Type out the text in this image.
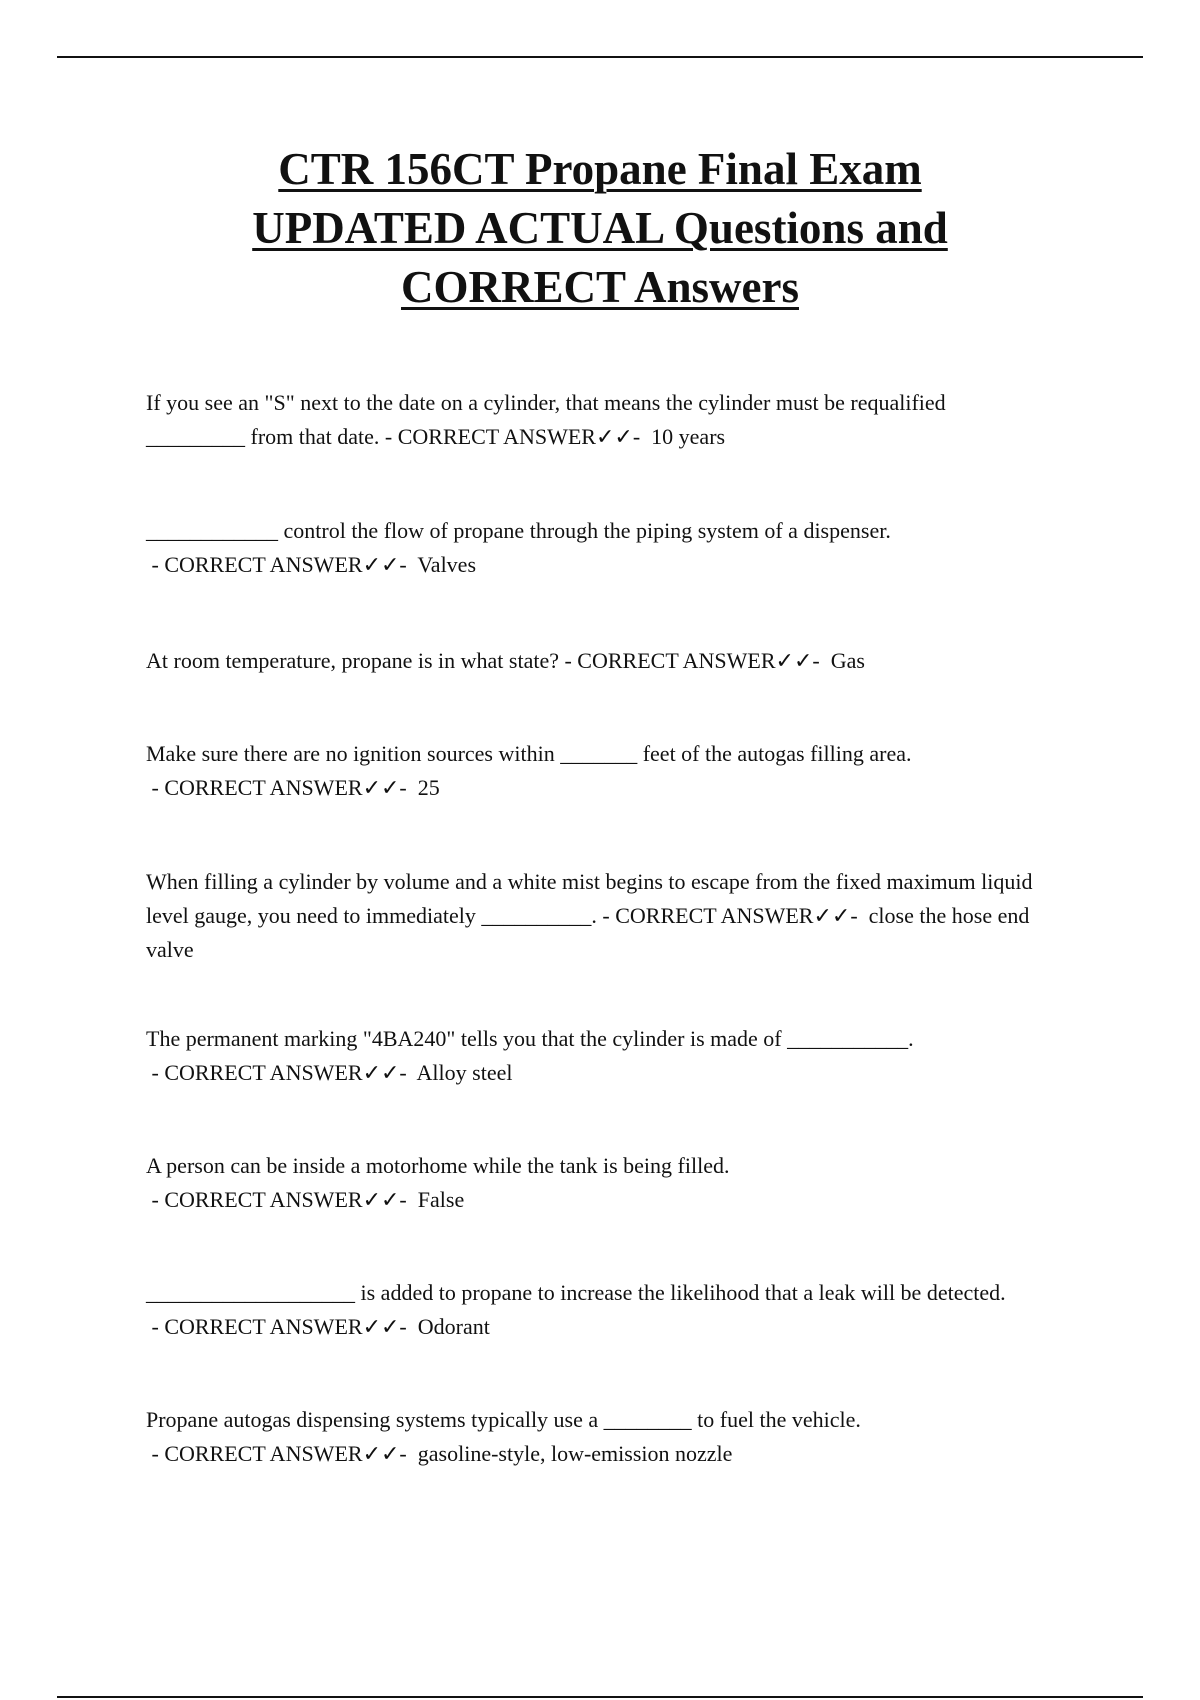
CTR 156CT Propane Final Exam
UPDATED ACTUAL Questions and
CORRECT Answers

If you see an "S" next to the date on a cylinder, that means the cylinder must be requalified _________ from that date. - CORRECT ANSWER✓✓-  10 years

____________ control the flow of propane through the piping system of a dispenser. - CORRECT ANSWER✓✓-  Valves

At room temperature, propane is in what state? - CORRECT ANSWER✓✓-  Gas

Make sure there are no ignition sources within _______ feet of the autogas filling area. - CORRECT ANSWER✓✓-  25

When filling a cylinder by volume and a white mist begins to escape from the fixed maximum liquid level gauge, you need to immediately __________. - CORRECT ANSWER✓✓-  close the hose end valve

The permanent marking "4BA240" tells you that the cylinder is made of ___________. - CORRECT ANSWER✓✓-  Alloy steel

A person can be inside a motorhome while the tank is being filled. - CORRECT ANSWER✓✓-  False

___________________ is added to propane to increase the likelihood that a leak will be detected. - CORRECT ANSWER✓✓-  Odorant

Propane autogas dispensing systems typically use a ________ to fuel the vehicle. - CORRECT ANSWER✓✓-  gasoline-style, low-emission nozzle
